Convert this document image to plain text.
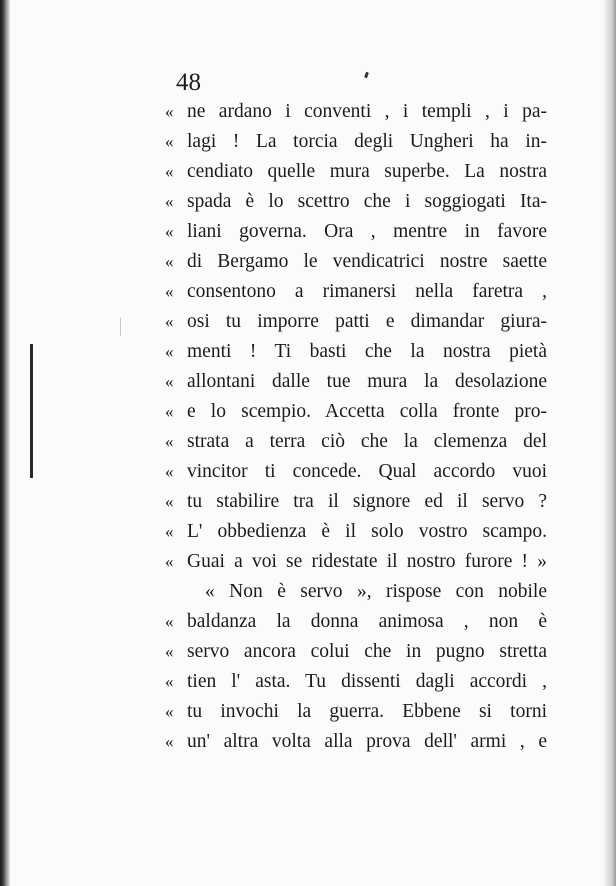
48
« ne ardano i conventi , i templi , i pa-
« lagi ! La torcia degli Ungheri ha in-
« cendiato quelle mura superbe. La nostra
« spada è lo scettro che i soggiogati Ita-
« liani governa. Ora , mentre in favore
« di Bergamo le vendicatrici nostre saette
« consentono a rimanersi nella faretra ,
« osi tu imporre patti e dimandar giura-
« menti ! Ti basti che la nostra pietà
« allontani dalle tue mura la desolazione
« e lo scempio. Accetta colla fronte pro-
« strata a terra ciò che la clemenza del
« vincitor ti concede. Qual accordo vuoi
« tu stabilire tra il signore ed il servo ?
« L' obbedienza è il solo vostro scampo.
« Guai a voi se ridestate il nostro furore ! »
« Non è servo », rispose con nobile
« baldanza la donna animosa , non è
« servo ancora colui che in pugno stretta
« tien l' asta. Tu dissenti dagli accordi ,
« tu invochi la guerra. Ebbene si torni
« un' altra volta alla prova dell' armi , e
